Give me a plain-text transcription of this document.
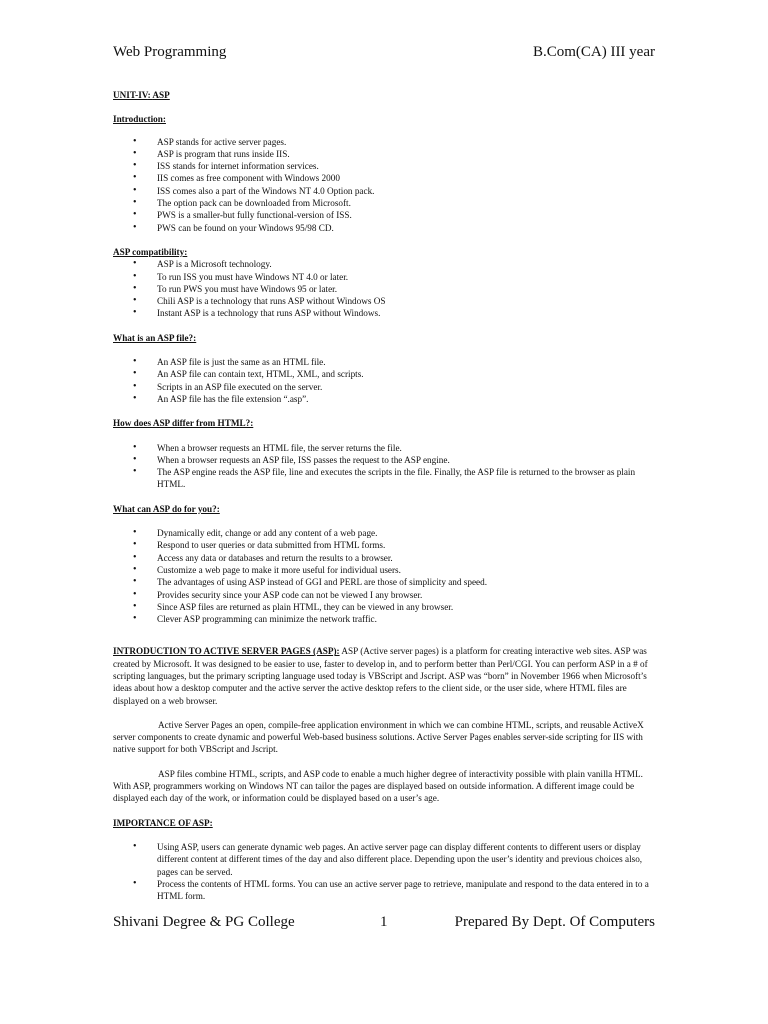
Web Programming	B.Com(CA) III year

UNIT-IV: ASP

Introduction:

• ASP stands for active server pages.
• ASP is program that runs inside IIS.
• ISS stands for internet information services.
• IIS comes as free component with Windows 2000
• ISS comes also a part of the Windows NT 4.0 Option pack.
• The option pack can be downloaded from Microsoft.
• PWS is a smaller-but fully functional-version of ISS.
• PWS can be found on your Windows 95/98 CD.

ASP compatibility:

• ASP is a Microsoft technology.
• To run ISS you must have Windows NT 4.0 or later.
• To run PWS you must have Windows 95 or later.
• Chili ASP is a technology that runs ASP without Windows OS
• Instant ASP is a technology that runs ASP without Windows.

What is an ASP file?:

• An ASP file is just the same as an HTML file.
• An ASP file can contain text, HTML, XML, and scripts.
• Scripts in an ASP file executed on the server.
• An ASP file has the file extension “.asp”.

How does ASP differ from HTML?:

• When a browser requests an HTML file, the server returns the file.
• When a browser requests an ASP file, ISS passes the request to the ASP engine.
• The ASP engine reads the ASP file, line and executes the scripts in the file. Finally, the ASP file is returned to the browser as plain HTML.

What can ASP do for you?:

• Dynamically edit, change or add any content of a web page.
• Respond to user queries or data submitted from HTML forms.
• Access any data or databases and return the results to a browser.
• Customize a web page to make it more useful for individual users.
• The advantages of using ASP instead of GGI and PERL are those of simplicity and speed.
• Provides security since your ASP code can not be viewed I any browser.
• Since ASP files are returned as plain HTML, they can be viewed in any browser.
• Clever ASP programming can minimize the network traffic.

INTRODUCTION TO ACTIVE SERVER PAGES (ASP): ASP (Active server pages) is a platform for creating interactive web sites. ASP was created by Microsoft. It was designed to be easier to use, faster to develop in, and to perform better than Perl/CGI. You can perform ASP in a # of scripting languages, but the primary scripting language used today is VBScript and Jscript. ASP was “born” in November 1966 when Microsoft’s ideas about how a desktop computer and the active server the active desktop refers to the client side, or the user side, where HTML files are displayed on a web browser.

Active Server Pages an open, compile-free application environment in which we can combine HTML, scripts, and reusable ActiveX server components to create dynamic and powerful Web-based business solutions. Active Server Pages enables server-side scripting for IIS with native support for both VBScript and Jscript.

ASP files combine HTML, scripts, and ASP code to enable a much higher degree of interactivity possible with plain vanilla HTML. With ASP, programmers working on Windows NT can tailor the pages are displayed based on outside information. A different image could be displayed each day of the work, or information could be displayed based on a user’s age.

IMPORTANCE OF ASP:

• Using ASP, users can generate dynamic web pages. An active server page can display different contents to different users or display different content at different times of the day and also different place. Depending upon the user’s identity and previous choices also, pages can be served.
• Process the contents of HTML forms. You can use an active server page to retrieve, manipulate and respond to the data entered in to a HTML form.
Shivani Degree & PG College	1	Prepared By Dept. Of Computers
